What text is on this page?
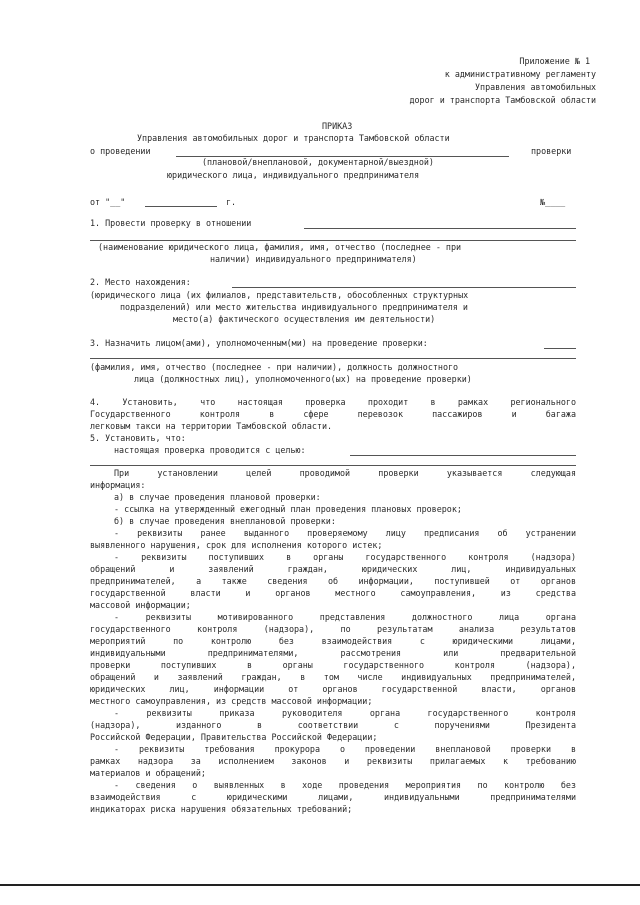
Приложение № 1
к административному регламенту
Управления автомобильных
дорог и транспорта Тамбовской области
ПРИКАЗ
Управления автомобильных дорог и транспорта Тамбовской области
о проведении	проверки
(плановой/внеплановой, документарной/выездной)
юридического лица, индивидуального предпринимателя
от "__"	г.	№____
1. Провести проверку в отношении
(наименование юридического лица, фамилия, имя, отчество (последнее - при
наличии) индивидуального предпринимателя)
2. Место нахождения:
(юридического лица (их филиалов, представительств, обособленных структурных
подразделений) или место жительства индивидуального предпринимателя и
место(а) фактического осуществления им деятельности)
3. Назначить лицом(ами), уполномоченным(ми) на проведение проверки:
(фамилия, имя, отчество (последнее - при наличии), должность должностного
лица (должностных лиц), уполномоченного(ых) на проведение проверки)
4. Установить, что настоящая проверка проходит в рамках регионального
Государственного контроля в сфере перевозок пассажиров и багажа
легковым такси на территории Тамбовской области.
5. Установить, что:
настоящая проверка проводится с целью:
При установлении целей проводимой проверки указывается следующая
информация:
а) в случае проведения плановой проверки:
- ссылка на утвержденный ежегодный план проведения плановых проверок;
б) в случае проведения внеплановой проверки:
- реквизиты ранее выданного проверяемому лицу предписания об устранении
выявленного нарушения, срок для исполнения которого истек;
- реквизиты поступивших в органы государственного контроля (надзора)
обращений и заявлений граждан, юридических лиц, индивидуальных
предпринимателей, а также сведения об информации, поступившей от органов
государственной власти и органов местного самоуправления, из средства
массовой информации;
- реквизиты мотивированного представления должностного лица органа
государственного контроля (надзора), по результатам анализа результатов
мероприятий по контролю без взаимодействия с юридическими лицами,
индивидуальными предпринимателями, рассмотрения или предварительной
проверки поступивших в органы государственного контроля (надзора),
обращений и заявлений граждан, в том числе индивидуальных предпринимателей,
юридических лиц, информации от органов государственной власти, органов
местного самоуправления, из средств массовой информации;
- реквизиты приказа руководителя органа государственного контроля
(надзора), изданного в соответствии с поручениями Президента
Российской Федерации, Правительства Российской Федерации;
- реквизиты требования прокурора о проведении внеплановой проверки в
рамках надзора за исполнением законов и реквизиты прилагаемых к требованию
материалов и обращений;
- сведения о выявленных в ходе проведения мероприятия по контролю без
взаимодействия с юридическими лицами, индивидуальными предпринимателями
индикаторах риска нарушения обязательных требований;
